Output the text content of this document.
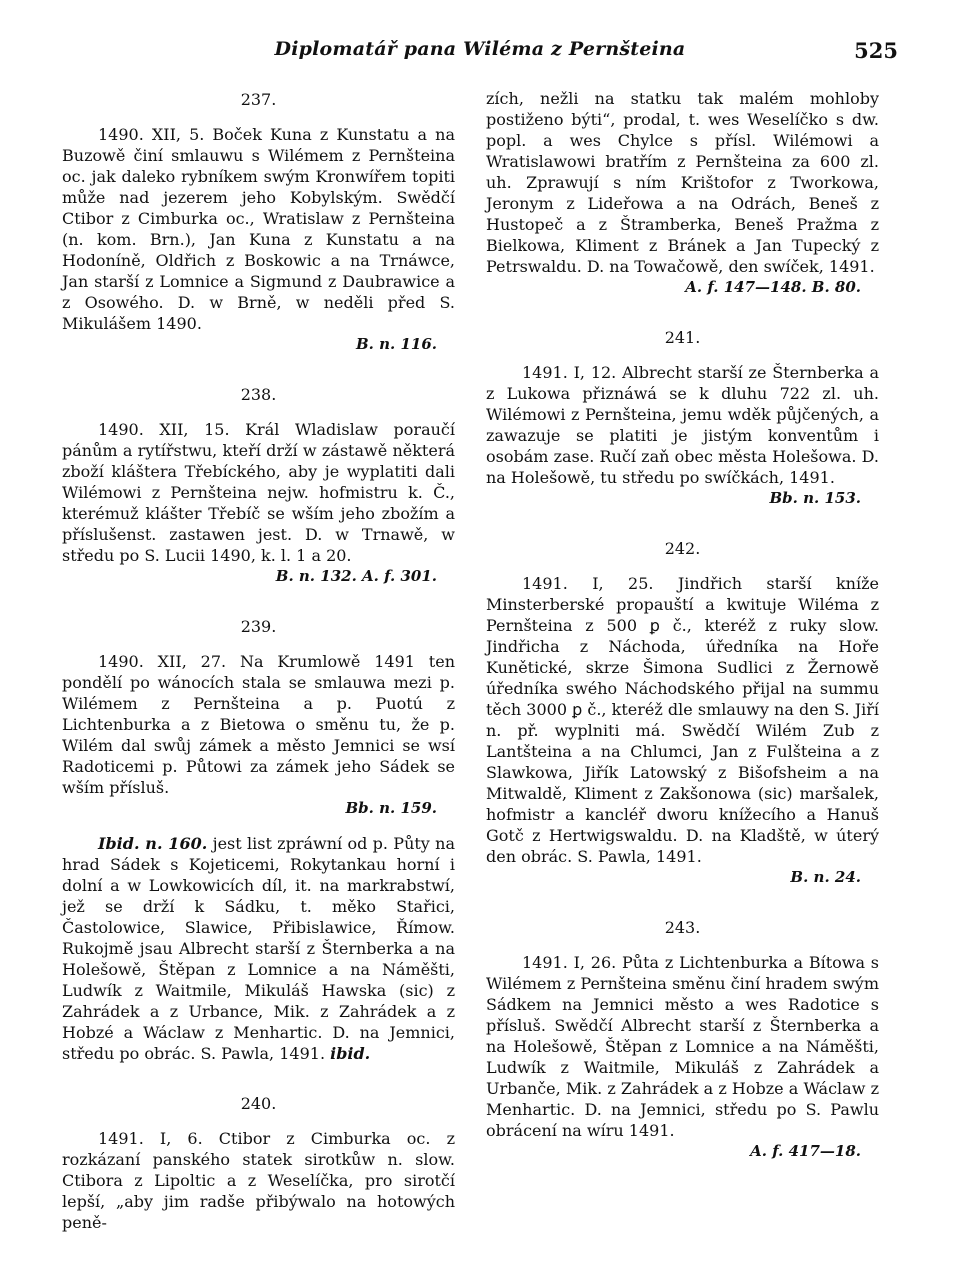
Diplomatář pana Wiléma z Pernšteina	525
237.

1490. XII, 5. Boček Kuna z Kunstatu a na Buzowě činí smlauwu s Wilémem z Pernšteina oc. jak daleko rybníkem swým Kronwířem topiti může nad jezerem jeho Kobylským. Swědčí Ctibor z Cimburka oc., Wratislaw z Pernšteina (n. kom. Brn.), Jan Kuna z Kunstatu a na Hodoníně, Oldřich z Boskowic a na Trnáwce, Jan starší z Lomnice a Sigmund z Daubrawice a z Osowého. D. w Brně, w neděli před S. Mikulášem 1490.

B. n. 116.
238.

1490. XII, 15. Král Wladislaw poraučí pánům a rytířstwu, kteří drží w zástawě některá zboží kláštera Třebíckého, aby je wyplatiti dali Wilémowi z Pernšteina nejw. hofmistru k. Č., kterémuž klášter Třebíč se wším jeho zbožím a příslušenst. zastawen jest. D. w Trnawě, w středu po S. Lucii 1490, k. l. 1 a 20.

B. n. 132. A. f. 301.
239.

1490. XII, 27. Na Krumlowě 1491 ten pondělí po wánocích stala se smlauwa mezi p. Wilémem z Pernšteina a p. Puotú z Lichtenburka a z Bietowa o směnu tu, že p. Wilém dal swůj zámek a město Jemnici se wsí Radoticemi p. Půtowi za zámek jeho Sádek se wším přísluš.

Bb. n. 159.

Ibid. n. 160. jest list zpráwní od p. Půty na hrad Sádek s Kojeticemi, Rokytankau horní i dolní a w Lowkowicích díl, it. na markrabstwí, jež se drží k Sádku, t. měko Stařici, Častolowice, Slawice, Přibislawice, Římow. Rukojmě jsau Albrecht starší z Šternberka a na Holešowě, Štěpan z Lomnice a na Náměšti, Ludwík z Waitmile, Mikuláš Hawska (sic) z Zahrádek a z Urbance, Mik. z Zahrádek a z Hobzé a Wáclaw z Menhartic. D. na Jemnici, středu po obrác. S. Pawla, 1491. ibid.

240.

1491. I, 6. Ctibor z Cimburka oc. z rozkázaní panského statek sirotkůw n. slow. Ctibora z Lipoltic a z Weselíčka, pro sirotčí lepší, „aby jim radše přibýwalo na hotowých peně-

zích, nežli na statku tak malém mohloby postiženo býti“, prodal, t. wes Weselíčko s dw. popl. a wes Chylce s přísl. Wilémowi a Wratislawowi bratřím z Pernšteina za 600 zl. uh. Zprawují s ním Krištofor z Tworkowa, Jeronym z Lideřowa a na Odrách, Beneš z Hustopeč a z Štramberka, Beneš Pražma z Bielkowa, Kliment z Bránek a Jan Tupecký z Petrswaldu. D. na Towačowě, den swíček, 1491.

A. f. 147—148. B. 80.
241.

1491. I, 12. Albrecht starší ze Šternberka a z Lukowa přiznáwá se k dluhu 722 zl. uh. Wilémowi z Pernšteina, jemu wděk půjčených, a zawazuje se platiti je jistým konventům i osobám zase. Ručí zaň obec města Holešowa. D. na Holešowě, tu středu po swíčkách, 1491.

Bb. n. 153.
242.

1491. I, 25. Jindřich starší kníže Minsterberské propauští a kwituje Wiléma z Pernšteina z 500 ꝑ č., kteréž z ruky slow. Jindřicha z Náchoda, úředníka na Hoře Kunětické, skrze Šimona Sudlici z Žernowě úředníka swého Náchodského přijal na summu těch 3000 ꝑ č., kteréž dle smlauwy na den S. Jiří n. př. wyplniti má. Swědčí Wilém Zub z Lantšteina a na Chlumci, Jan z Fulšteina a z Slawkowa, Jiřík Latowský z Bišofsheim a na Mitwaldě, Kliment z Zakšonowa (sic) maršalek, hofmistr a kancléř dworu knížecího a Hanuš Gotč z Hertwigswaldu. D. na Kladště, w úterý den obrác. S. Pawla, 1491.

B. n. 24.
243.

1491. I, 26. Půta z Lichtenburka a Bítowa s Wilémem z Pernšteina směnu činí hradem swým Sádkem na Jemnici město a wes Radotice s přísluš. Swědčí Albrecht starší z Šternberka a na Holešowě, Štěpan z Lomnice a na Náměšti, Ludwík z Waitmile, Mikuláš z Zahrádek a Urbanče, Mik. z Zahrádek a z Hobze a Wáclaw z Menhartic. D. na Jemnici, středu po S. Pawlu obrácení na wíru 1491.

A. f. 417—18.
